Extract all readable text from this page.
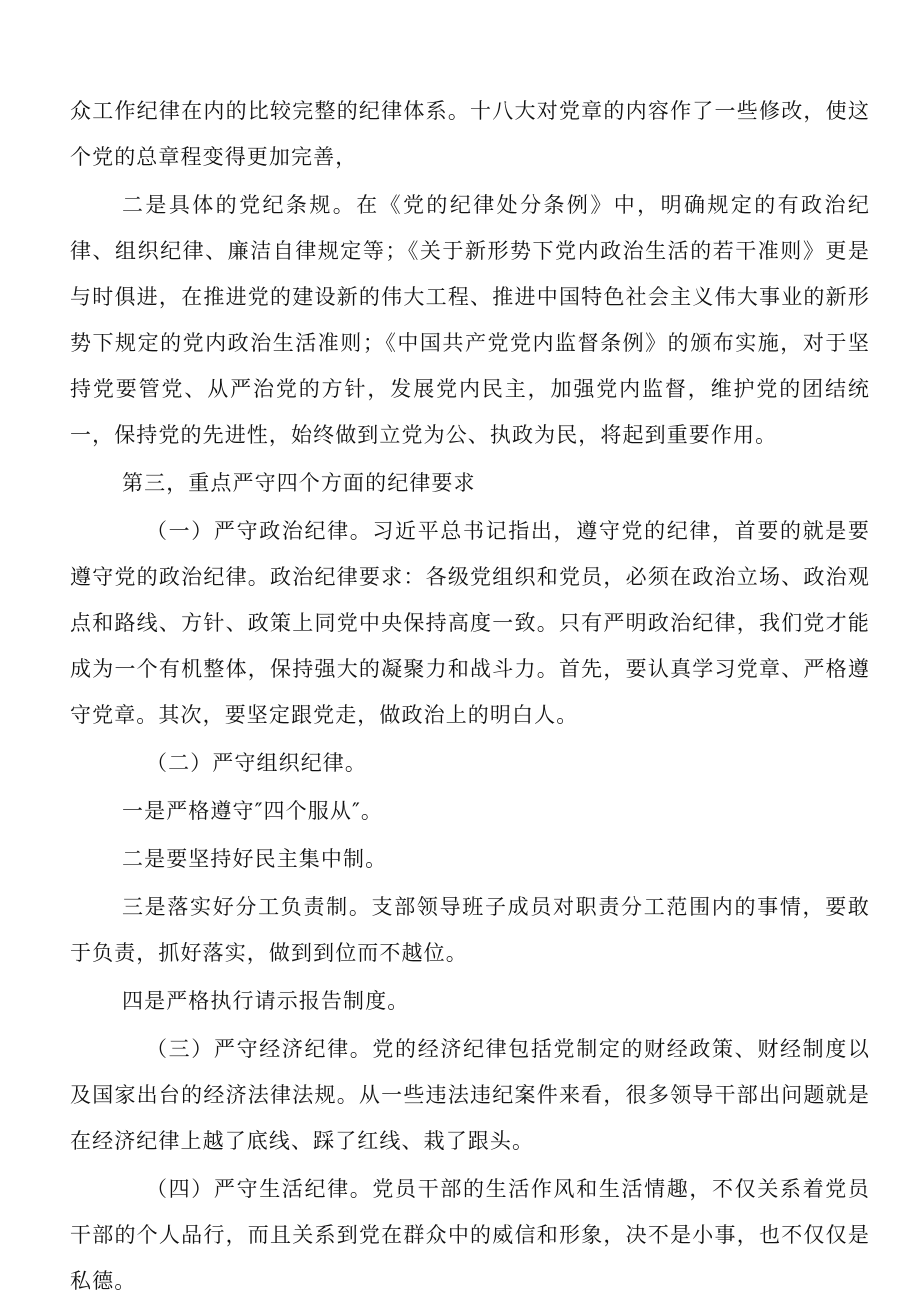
众工作纪律在内的比较完整的纪律体系。十八大对党章的内容作了一些修改，使这个党的总章程变得更加完善，

二是具体的党纪条规。在《党的纪律处分条例》中，明确规定的有政治纪律、组织纪律、廉洁自律规定等；《关于新形势下党内政治生活的若干准则》更是与时俱进，在推进党的建设新的伟大工程、推进中国特色社会主义伟大事业的新形势下规定的党内政治生活准则；《中国共产党党内监督条例》的颁布实施，对于坚持党要管党、从严治党的方针，发展党内民主，加强党内监督，维护党的团结统一，保持党的先进性，始终做到立党为公、执政为民，将起到重要作用。

第三，重点严守四个方面的纪律要求

（一）严守政治纪律。习近平总书记指出，遵守党的纪律，首要的就是要遵守党的政治纪律。政治纪律要求：各级党组织和党员，必须在政治立场、政治观点和路线、方针、政策上同党中央保持高度一致。只有严明政治纪律，我们党才能成为一个有机整体，保持强大的凝聚力和战斗力。首先，要认真学习党章、严格遵守党章。其次，要坚定跟党走，做政治上的明白人。

（二）严守组织纪律。

一是严格遵守″四个服从″。

二是要坚持好民主集中制。

三是落实好分工负责制。支部领导班子成员对职责分工范围内的事情，要敢于负责，抓好落实，做到到位而不越位。

四是严格执行请示报告制度。

（三）严守经济纪律。党的经济纪律包括党制定的财经政策、财经制度以及国家出台的经济法律法规。从一些违法违纪案件来看，很多领导干部出问题就是在经济纪律上越了底线、踩了红线、栽了跟头。

（四）严守生活纪律。党员干部的生活作风和生活情趣，不仅关系着党员干部的个人品行，而且关系到党在群众中的威信和形象，决不是小事，也不仅仅是私德。
